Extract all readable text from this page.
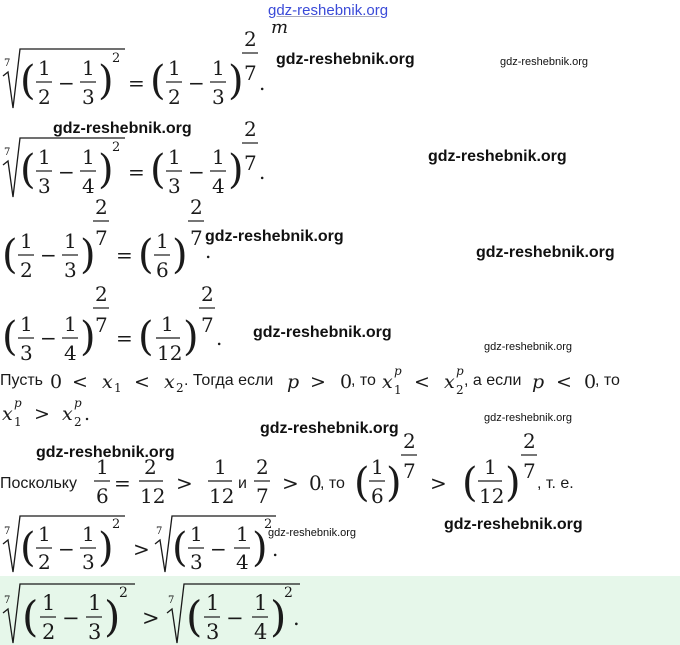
gdz-reshebnik.org
gdz-reshebnik.org	gdz-reshebnik.org
gdz-reshebnik.org
gdz-reshebnik.org
gdz-reshebnik.org
gdz-reshebnik.org
gdz-reshebnik.org
gdz-reshebnik.org
gdz-reshebnik.org
gdz-reshebnik.org
gdz-reshebnik.org
gdz-reshebnik.org
gdz-reshebnik.org
m
7 ( 1
2
−
1
3 )
2
= ( 1
2
−
1
3 )
2
7 .
7 ( 1
3
−
1
4 )
2
= ( 1
3
−
1
4 )
2
7 .
( 1
2
−
1
3 )
2
7
= ( 1
6 )
2
7
.
( 1
3
−
1
4 )
2
7
= ( 1
12 )
2
7
.
Пусть 0 < x 1 < x 2 . Тогда если p > 0
, то x p
1 < x p
2
, а если p < 0
, то
x p
1 > x p
2 .
Поскольку
1
6
=
2
12
>
1
12
и
2
7
> 0
, то ( 1
6 )
2
7 > ( 1
12 )
2
7
, т. е.
7 ( 1
2
−
1
3 )
2
>
7 ( 1
3
−
1
4 )
2
.
7 ( 1
2
−
1
3 )
2
>
7 ( 1
3
−
1
4 )
2
.
